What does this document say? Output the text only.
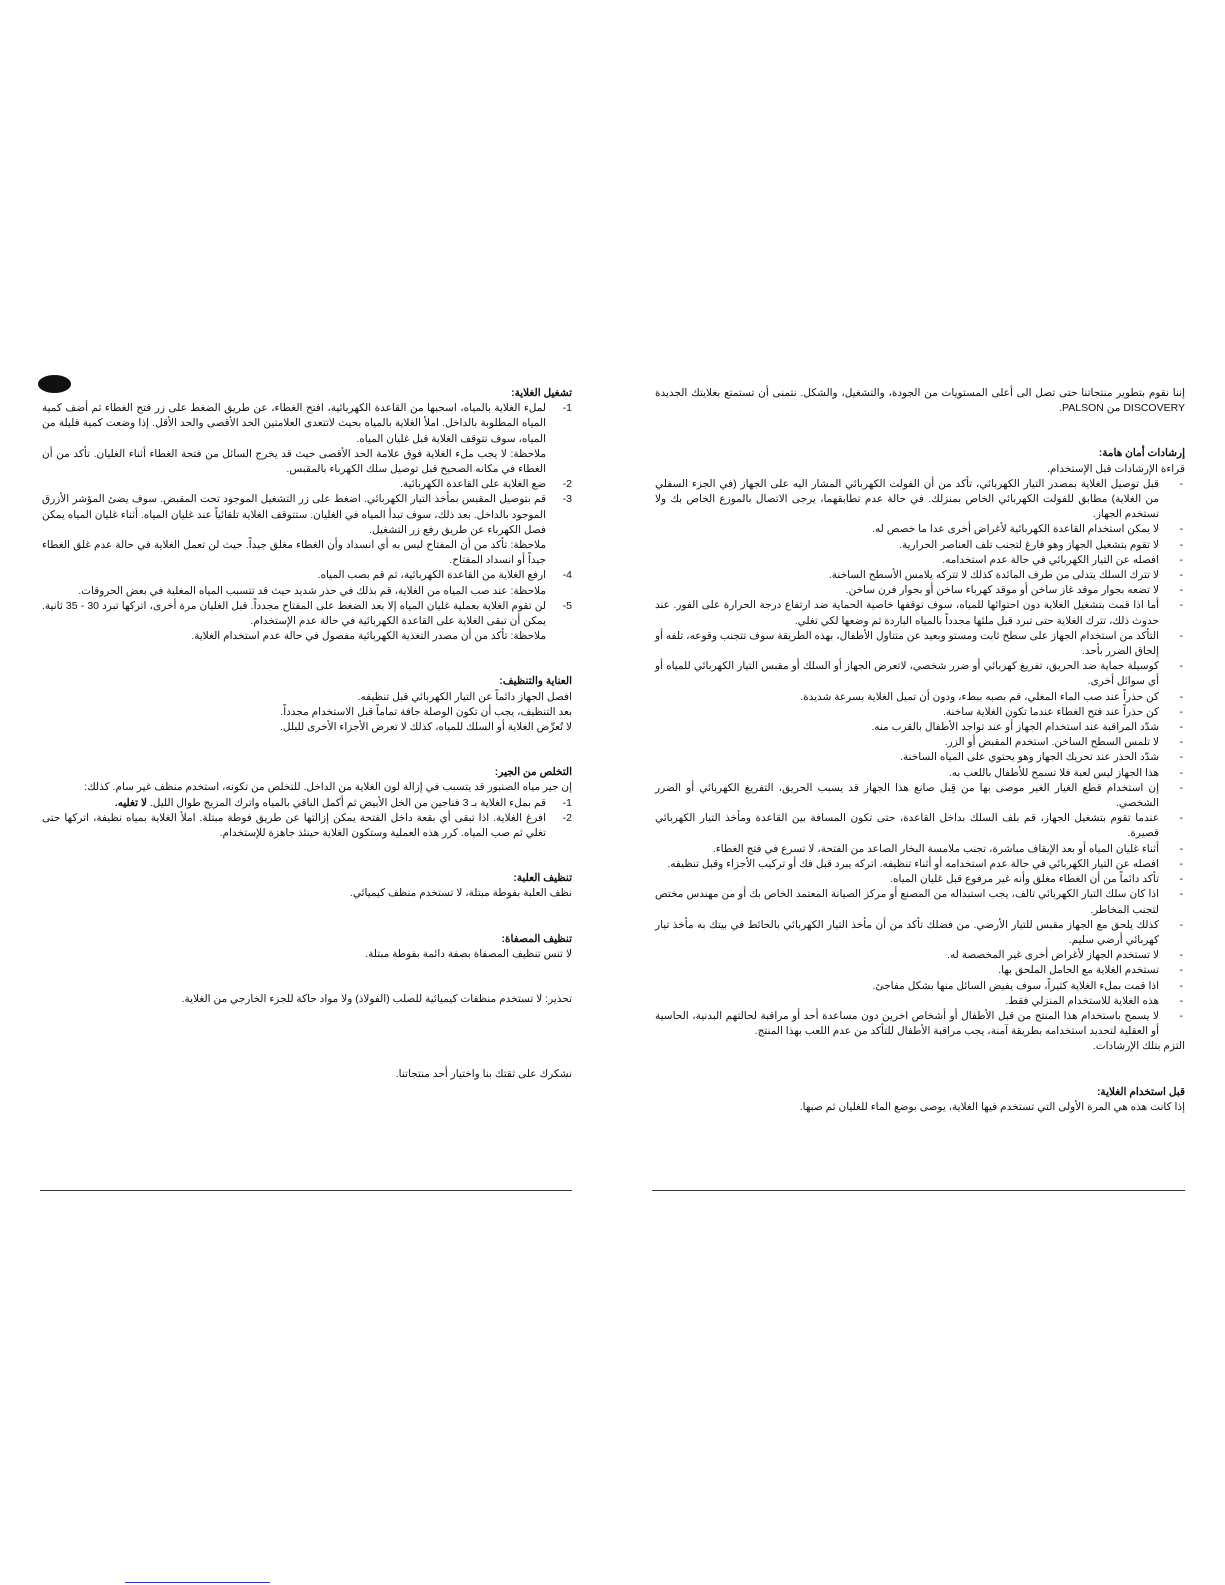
تشغيل الغلاية:

1-
لملء الغلاية بالمياه، اسحبها من القاعدة الكهربائية، افتح الغطاء، عن طريق الضغط على زر فتح الغطاء ثم أضف كمية المياه المطلوبة بالداخل. املأ الغلاية بالمياه بحيث لاتتعدى العلامتين الحد الأقصى والحد الأقل. إذا وضعت كمية قليلة من المياه، سوف تتوقف الغلاية قبل غليان المياه.
ملاحظة: لا يجب ملء الغلاية فوق علامة الحد الأقصى حيث قد يخرج السائل من فتحة الغطاء أثناء الغليان. تأكد من أن الغطاء في مكانه الصحيح قبل توصيل سلك الكهرباء بالمقبس.
2-
ضع الغلاية على القاعدة الكهربائية.
3-
قم بتوصيل المقبس بمأخذ التيار الكهربائي. اضغط على زر التشغيل الموجود تحت المقبض. سوف يضئ المؤشر الأزرق الموجود بالداخل. بعد ذلك، سوف تبدأ المياه في الغليان. ستتوقف الغلاية تلقائياً عند غليان المياه. أثناء غليان المياه يمكن فصل الكهرباء عن طريق رفع زر التشغيل.
ملاحظة: تأكد من أن المفتاح ليس به أي انسداد وأن الغطاء مغلق جيداً. حيث لن تعمل الغلاية في حالة عدم غلق الغطاء جيداً أو انسداد المفتاح.
4-
ارفع الغلاية من القاعدة الكهربائية، ثم قم بصب المياه.
ملاحظة: عند صب المياه من الغلاية، قم بذلك في حذر شديد حيث قد تتسبب المياه المغلية في بعض الحروقات.
5-
لن تقوم الغلاية بعملية غليان المياه إلا بعد الضغط على المفتاح مجدداً. قبل الغليان مرة أخرى، اتركها تبرد 30 - 35 ثانية. يمكن أن تبقى الغلاية على القاعدة الكهربائية في حالة عدم الإستخدام.
ملاحظة: تأكد من أن مصدر التغذية الكهربائية مفصول في حالة عدم استخدام الغلاية.

العناية والتنظيف:

افصل الجهاز دائماً عن التيار الكهربائي قبل تنظيفه.

بعد التنظيف، يجب أن تكون الوصلة جافة تماماً قبل الاستخدام مجدداً.

لا تُعرِّض الغلاية أو السلك للمياه، كذلك لا تعرض الأجزاء الأخرى للبلل.

التخلص من الجير:

إن جير مياه الصنبور قد يتسبب في إزالة لون الغلاية من الداخل. للتخلص من تكونه، استخدم منظف غير سام. كذلك:

1-
قم بملء الغلاية بـ 3 فناجين من الخل الأبيض ثم أكمل الباقي بالمياه واترك المزيج طوال الليل. لا تغليه.
2-
افرغ الغلاية. اذا تبقى أي بقعة داخل الفتحة يمكن إزالتها عن طريق فوطة مبتلة. املأ الغلاية بمياه نظيفة، اتركها حتى تغلي ثم صب المياه. كرر هذه العملية وستكون الغلاية حينئذ جاهزة للإستخدام.

تنظيف العلبة:

نظف العلبة بفوطة مبتلة، لا تستخدم منظف كيميائي.

تنظيف المصفاة:

لا تنس تنظيف المصفاة بصفة دائمة بفوطة مبتلة.

تحذير: لا تستخدم منظفات كيميائية للصلب (الفولاذ) ولا مواد حاكة للجزء الخارجي من الغلاية.

نشكرك على ثقتك بنا واختيار أحد منتجاتنا.

إننا نقوم بتطوير منتجاتنا حتى تصل الى أعلى المستويات من الجودة، والتشغيل، والشكل. نتمنى أن تستمتع بغلايتك الجديدة DISCOVERY من PALSON.

إرشادات أمان هامة:

قراءة الإرشادات قبل الإستخدام.

- قبل توصيل الغلاية بمصدر التيار الكهربائي، تأكد من أن الفولت الكهربائي المشار اليه على الجهاز (في الجزء السفلي من الغلاية) مطابق للفولت الكهربائي الخاص بمنزلك. في حالة عدم تطابقهما، يرجى الاتصال بالموزع الخاص بك ولا تستخدم الجهاز.
- لا يمكن استخدام القاعدة الكهربائية لأغراض أخرى عدا ما خصص له.
- لا تقوم بتشغيل الجهاز وهو فارغ لتجنب تلف العناصر الحرارية.
- افصله عن التيار الكهربائي في حالة عدم استخدامه.
- لا تترك السلك يتدلى من طرف المائدة كذلك لا تتركه يلامس الأسطح الساخنة.
- لا تضعه بجوار موقد غاز ساخن أو موقد كهرباء ساخن أو بجوار فرن ساخن.
- أما اذا قمت بتشغيل الغلاية دون احتوائها للمياه، سوف توقفها خاصية الحماية ضد ارتفاع درجة الحرارة على الفور. عند حدوث ذلك، تترك الغلاية حتى تبرد قبل ملئها مجدداً بالمياه الباردة ثم وضعها لكي تغلي.
- التأكد من استخدام الجهاز على سطح ثابت ومستو وبعيد عن متناول الأطفال، بهذه الطريقة سوف تتجنب وقوعه، تلفه أو إلحاق الضرر بأحد.
- كوسيلة حماية ضد الحريق، تفريغ كهربائي أو ضرر شخصي، لاتعرض الجهاز أو السلك أو مقبس التيار الكهربائي للمياه أو أي سوائل أخرى.
- كن حذراً عند صب الماء المغلي، قم بصبه ببطء، ودون أن تميل الغلاية بسرعة شديدة.
- كن حذراً عند فتح الغطاء عندما تكون الغلاية ساخنة.
- شدّد المراقبة عند استخدام الجهاز أو عند تواجد الأطفال بالقرب منه.
- لا تلمس السطح الساخن. استخدم المقبض أو الزر.
- شدّد الحذر عند تحريك الجهاز وهو يحتوي على المياه الساخنة.
- هذا الجهاز ليس لعبة فلا تسمح للأطفال باللعب به.
- إن استخدام قطع الغيار الغير موصى بها من قِبل صانع هذا الجهاز قد يسبب الحريق، التفريغ الكهربائي أو الضرر الشخصي.
- عندما تقوم بتشغيل الجهاز، قم بلف السلك بداخل القاعدة، حتى تكون المسافة بين القاعدة ومأخذ التيار الكهربائي قصيرة.
- أثناء غليان المياه أو بعد الإيقاف مباشرة، تجنب ملامسة البخار الصاعد من الفتحة، لا تسرع في فتح الغطاء.
- افصله عن التيار الكهربائي في حالة عدم استخدامه أو أثناء تنظيفه. اتركه يبرد قبل فك أو تركيب الأجزاء وقبل تنظيفه.
- تأكد دائماً من أن الغطاء مغلق وأنه غير مرفوع قبل غليان المياه.
- اذا كان سلك التيار الكهربائي تالف، يجب استبداله من المصنع أو مركز الصيانة المعتمد الخاص بك أو من مهندس مختص لتجنب المخاطر.
- كذلك يلحق مع الجهاز مقبس للتيار الأرضي. من فضلك تأكد من أن مأخذ التيار الكهربائي بالحائط في بيتك به مأخذ تيار كهربائي أرضي سليم.
- لا تستخدم الجهاز لأغراض أخرى غير المخصصة له.
- تستخدم الغلاية مع الحامل الملحق بها.
- اذا قمت بملء الغلاية كثيراً، سوف يفيض السائل منها بشكل مفاجئ.
- هذه الغلاية للاستخدام المنزلي فقط.
- لا يسمح باستخدام هذا المنتج من قبل الأطفال أو أشخاص اخرين دون مساعدة أحد أو مراقبة لحالتهم البدنية، الحاسية أو العقلية لتحديد استخدامه بطريقة آمنة، يجب مراقبة الأطفال للتأكد من عدم اللعب بهذا المنتج.

التزم بتلك الإرشادات.

قبل استخدام الغلاية:

إذا كانت هذه هي المرة الأولى التي تستخدم فيها الغلاية، يوصى بوضع الماء للغليان ثم صبها.
